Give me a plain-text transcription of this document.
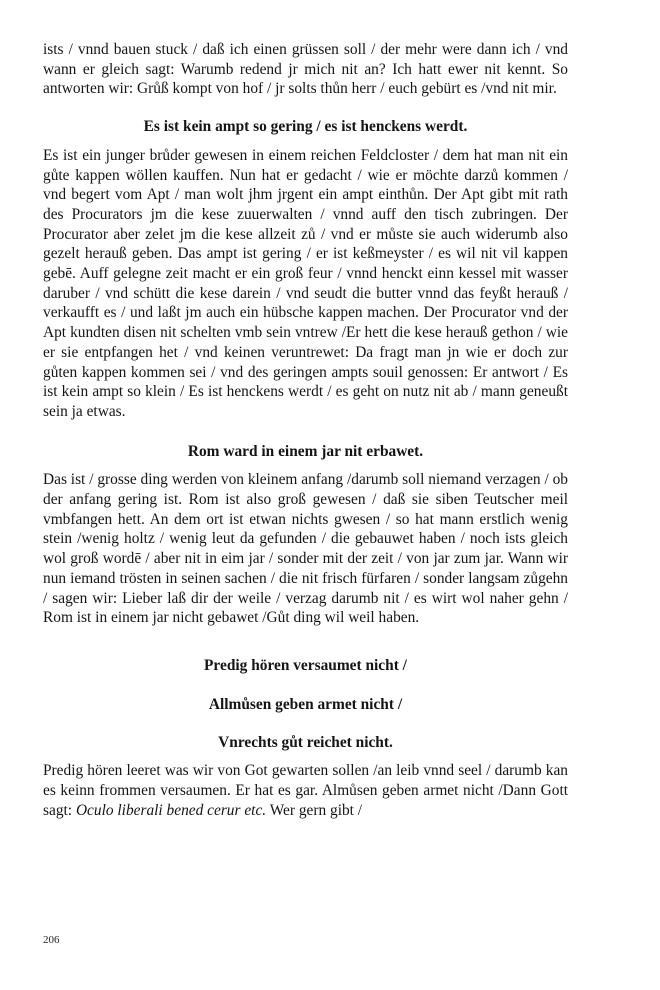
ists / vnnd bauen stuck / daß ich einen grüssen soll / der mehr were dann ich / vnd wann er gleich sagt: Warumb redend jr mich nit an? Ich hatt ewer nit kennt. So antworten wir: Grůß kompt von hof / jr solts thůn herr / euch gebürt es /vnd nit mir.

Es ist kein ampt so gering / es ist henckens werdt.

Es ist ein junger brůder gewesen in einem reichen Feldcloster / dem hat man nit ein gůte kappen wöllen kauffen. Nun hat er gedacht / wie er möchte darzů kommen / vnd begert vom Apt / man wolt jhm jrgent ein ampt einthůn. Der Apt gibt mit rath des Procurators jm die kese zuuerwalten / vnnd auff den tisch zubringen. Der Procurator aber zelet jm die kese allzeit zů / vnd er můste sie auch widerumb also gezelt herauß geben. Das ampt ist gering / er ist keßmeyster / es wil nit vil kappen gebē. Auff gelegne zeit macht er ein groß feur / vnnd henckt einn kessel mit wasser daruber / vnd schütt die kese darein / vnd seudt die butter vnnd das feyßt herauß / verkaufft es / und laßt jm auch ein hübsche kappen machen. Der Procurator vnd der Apt kundten disen nit schelten vmb sein vntrew /Er hett die kese herauß gethon / wie er sie entpfangen het / vnd keinen veruntrewet: Da fragt man jn wie er doch zur gůten kappen kommen sei / vnd des geringen ampts souil genossen: Er antwort / Es ist kein ampt so klein / Es ist henckens werdt / es geht on nutz nit ab / mann geneußt sein ja etwas.

Rom ward in einem jar nit erbawet.

Das ist / grosse ding werden von kleinem anfang /darumb soll niemand verzagen / ob der anfang gering ist. Rom ist also groß gewesen / daß sie siben Teutscher meil vmbfangen hett. An dem ort ist etwan nichts gwesen / so hat mann erstlich wenig stein /wenig holtz / wenig leut da gefunden / die gebauwet haben / noch ists gleich wol groß wordē / aber nit in eim jar / sonder mit der zeit / von jar zum jar. Wann wir nun iemand trösten in seinen sachen / die nit frisch fürfaren / sonder langsam zůgehn / sagen wir: Lieber laß dir der weile / verzag darumb nit / es wirt wol naher gehn / Rom ist in einem jar nicht gebawet /Gůt ding wil weil haben.

Predig hören versaumet nicht /

Allmůsen geben armet nicht /

Vnrechts gůt reichet nicht.

Predig hören leeret was wir von Got gewarten sollen /an leib vnnd seel / darumb kan es keinn frommen versaumen. Er hat es gar. Almůsen geben armet nicht /Dann Gott sagt: Oculo liberali bened cerur etc. Wer gern gibt /

206
